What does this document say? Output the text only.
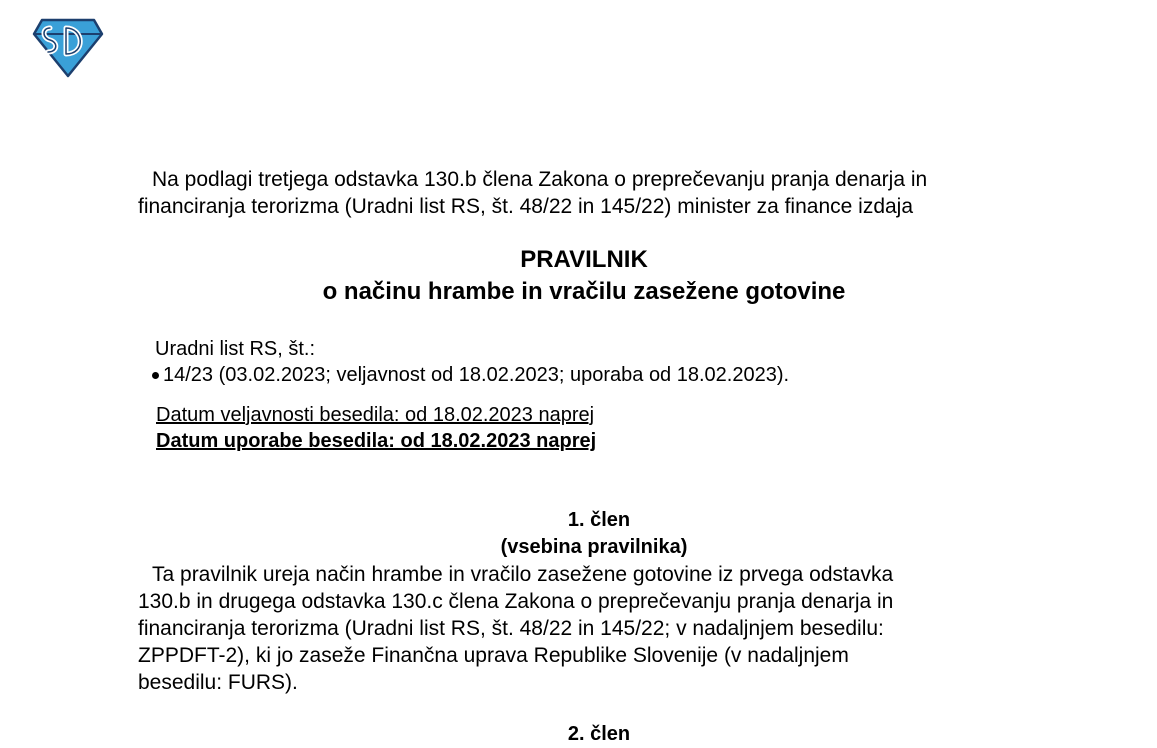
Na podlagi tretjega odstavka 130.b člena Zakona o preprečevanju pranja denarja in
financiranja terorizma (Uradni list RS, št. 48/22 in 145/22) minister za finance izdaja
PRAVILNIK
o načinu hrambe in vračilu zasežene gotovine
Uradni list RS, št.:
14/23 (03.02.2023; veljavnost od 18.02.2023; uporaba od 18.02.2023).
Datum veljavnosti besedila: od 18.02.2023 naprej
Datum uporabe besedila: od 18.02.2023 naprej
1. člen
(vsebina pravilnika)
Ta pravilnik ureja način hrambe in vračilo zasežene gotovine iz prvega odstavka
130.b in drugega odstavka 130.c člena Zakona o preprečevanju pranja denarja in
financiranja terorizma (Uradni list RS, št. 48/22 in 145/22; v nadaljnjem besedilu:
ZPPDFT-2), ki jo zaseže Finančna uprava Republike Slovenije (v nadaljnjem
besedilu: FURS).
2. člen
